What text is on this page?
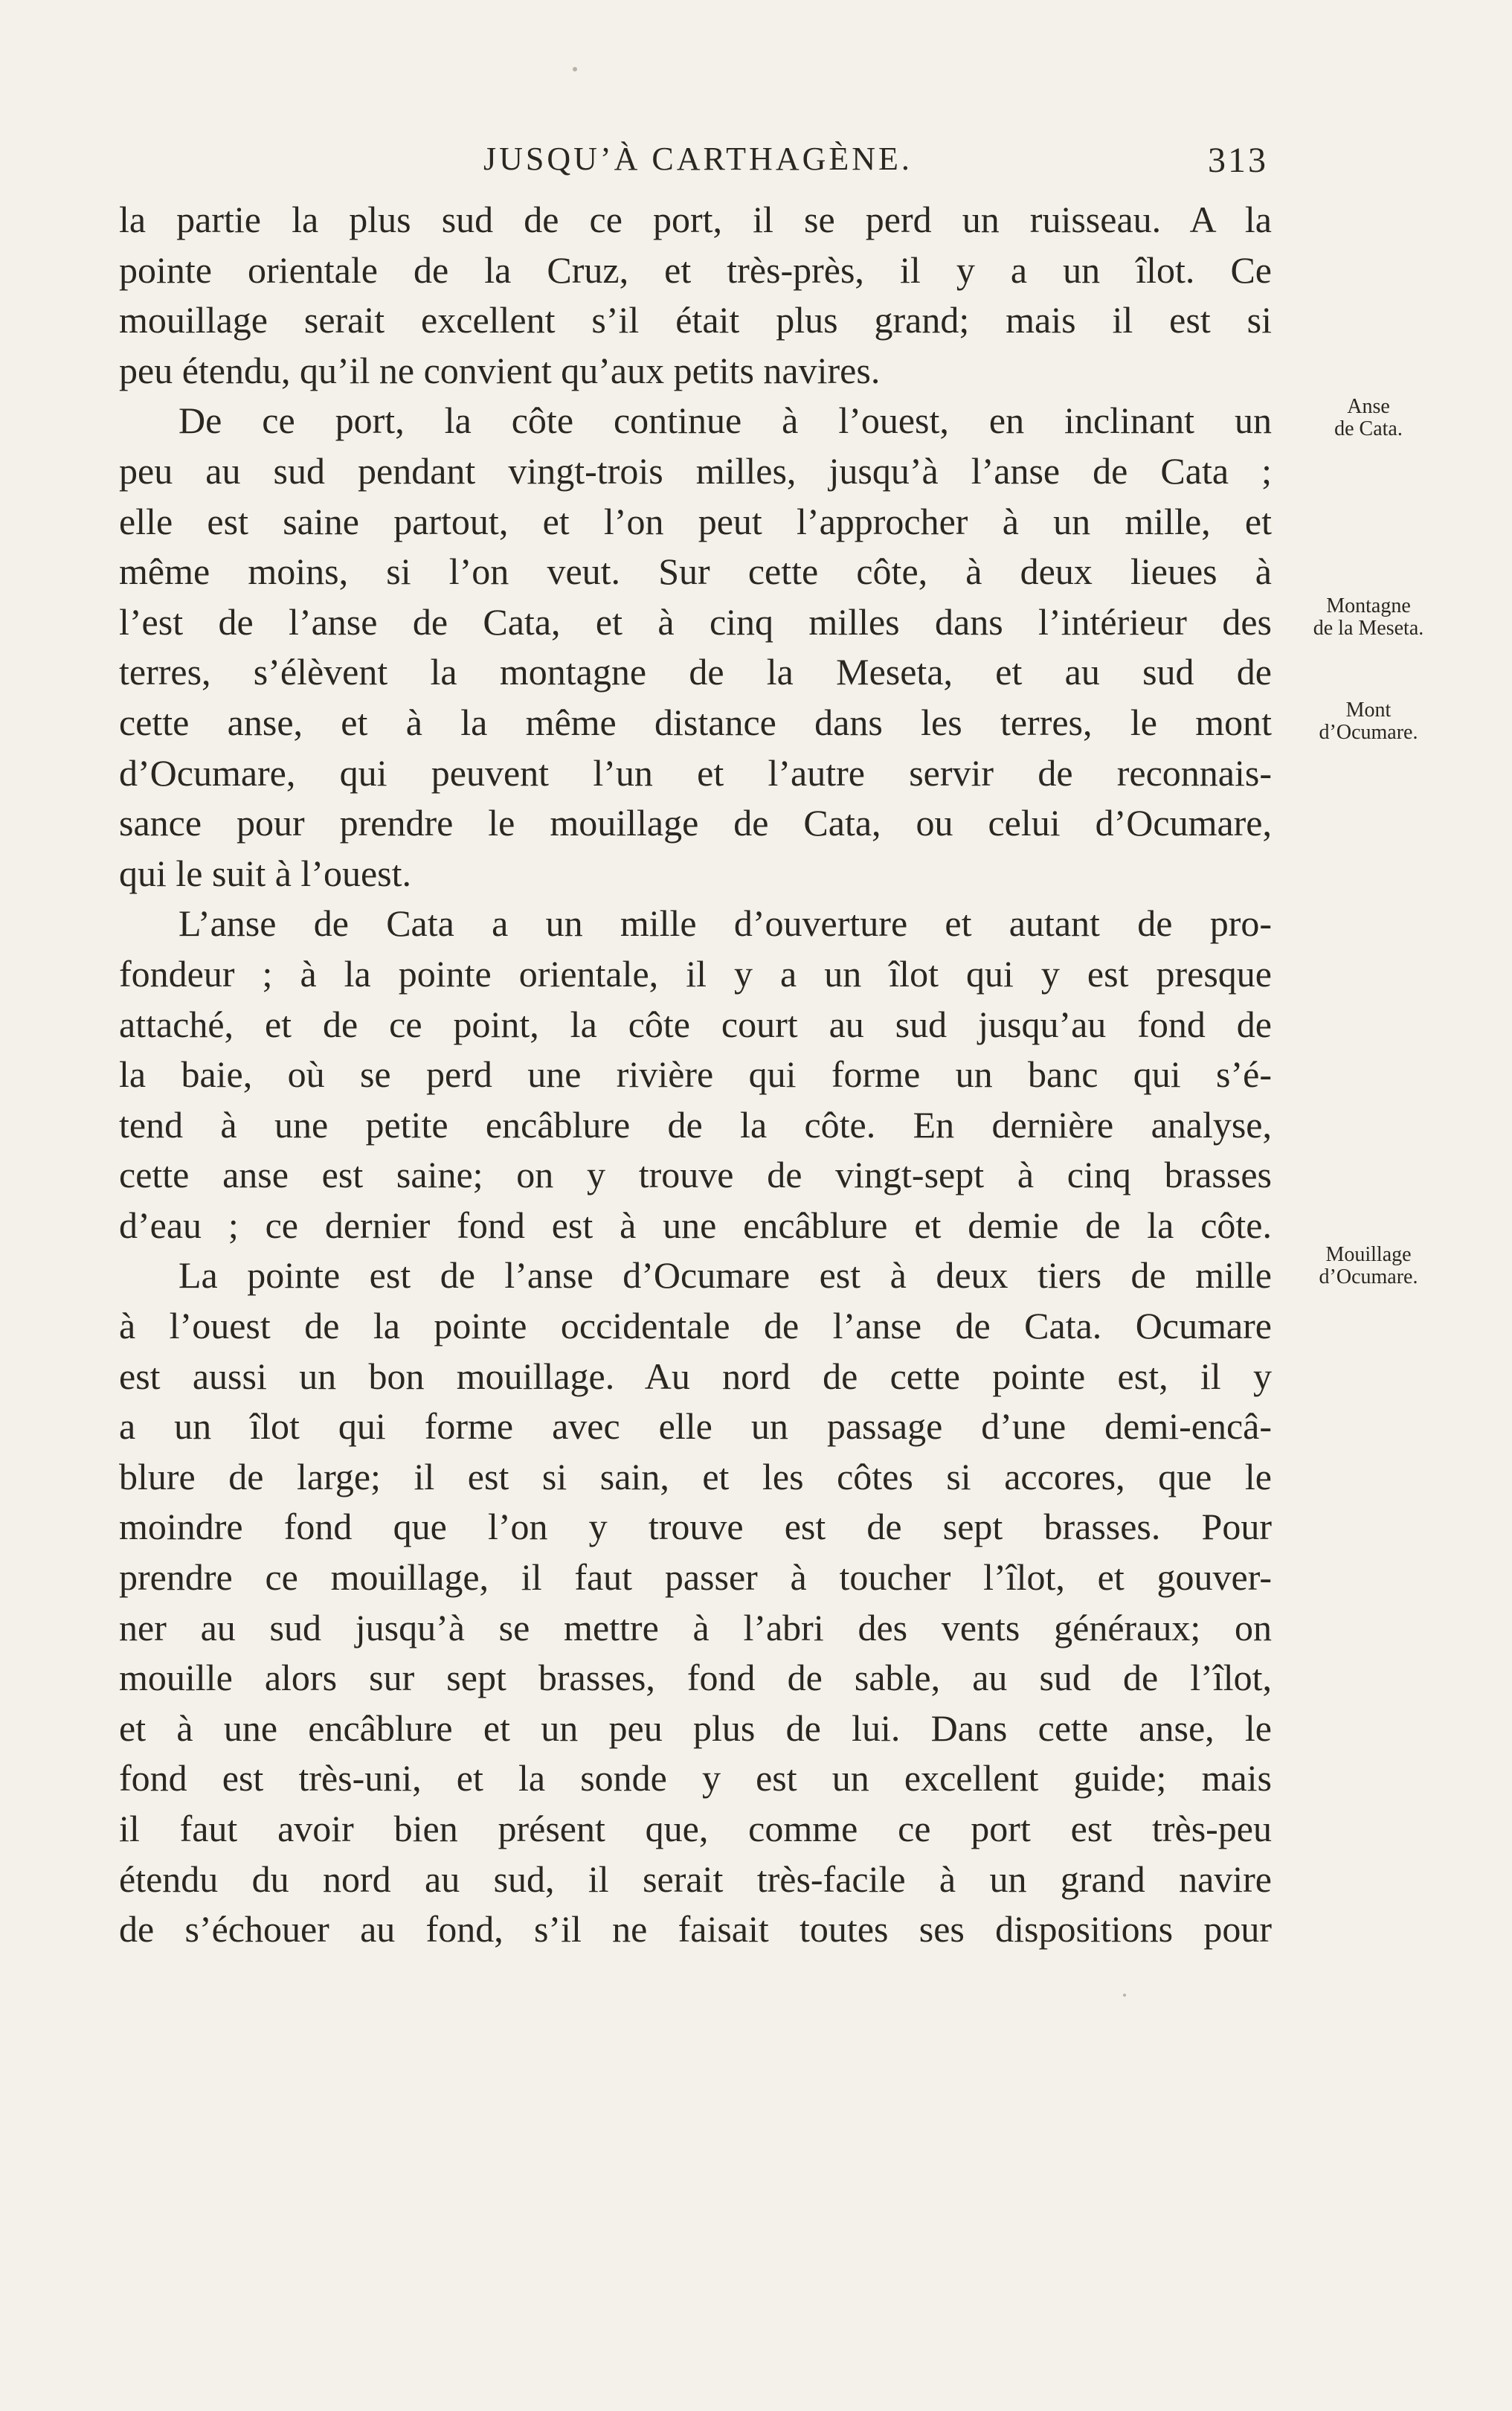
JUSQU’À CARTHAGÈNE.	313
la partie la plus sud de ce port, il se perd un ruisseau. A la
pointe orientale de la Cruz, et très-près, il y a un îlot. Ce
mouillage serait excellent s’il était plus grand; mais il est si
peu étendu, qu’il ne convient qu’aux petits navires.
De ce port, la côte continue à l’ouest, en inclinant un
peu au sud pendant vingt-trois milles, jusqu’à l’anse de Cata ;
elle est saine partout, et l’on peut l’approcher à un mille, et
même moins, si l’on veut. Sur cette côte, à deux lieues à
l’est de l’anse de Cata, et à cinq milles dans l’intérieur des
terres, s’élèvent la montagne de la Meseta, et au sud de
cette anse, et à la même distance dans les terres, le mont
d’Ocumare, qui peuvent l’un et l’autre servir de reconnais-
sance pour prendre le mouillage de Cata, ou celui d’Ocumare,
qui le suit à l’ouest.
L’anse de Cata a un mille d’ouverture et autant de pro-
fondeur ; à la pointe orientale, il y a un îlot qui y est presque
attaché, et de ce point, la côte court au sud jusqu’au fond de
la baie, où se perd une rivière qui forme un banc qui s’é-
tend à une petite encâblure de la côte. En dernière analyse,
cette anse est saine; on y trouve de vingt-sept à cinq brasses
d’eau ; ce dernier fond est à une encâblure et demie de la côte.
La pointe est de l’anse d’Ocumare est à deux tiers de mille
à l’ouest de la pointe occidentale de l’anse de Cata. Ocumare
est aussi un bon mouillage. Au nord de cette pointe est, il y
a un îlot qui forme avec elle un passage d’une demi-encâ-
blure de large; il est si sain, et les côtes si accores, que le
moindre fond que l’on y trouve est de sept brasses. Pour
prendre ce mouillage, il faut passer à toucher l’îlot, et gouver-
ner au sud jusqu’à se mettre à l’abri des vents généraux; on
mouille alors sur sept brasses, fond de sable, au sud de l’îlot,
et à une encâblure et un peu plus de lui. Dans cette anse, le
fond est très-uni, et la sonde y est un excellent guide; mais
il faut avoir bien présent que, comme ce port est très-peu
étendu du nord au sud, il serait très-facile à un grand navire
de s’échouer au fond, s’il ne faisait toutes ses dispositions pour
Anse
de Cata.
Montagne
de la Meseta.
Mont
d’Ocumare.
Mouillage
d’Ocumare.
